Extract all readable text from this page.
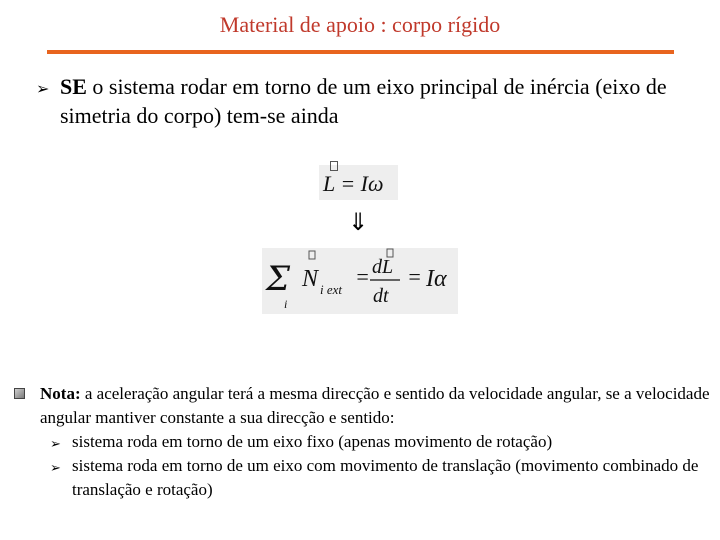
Material de apoio : corpo rígido
➢ SE o sistema rodar em torno de um eixo principal de inércia (eixo de simetria do corpo) tem-se ainda
L = Iω
⇓
Σ
i
N i ext
= dL
dt
= Iα
Nota: a aceleração angular terá a mesma direcção e sentido da velocidade angular, se a velocidade angular mantiver constante a sua direcção e sentido:
➢ sistema roda em torno de um eixo fixo (apenas movimento de rotação)
➢ sistema roda em torno de um eixo com movimento de translação (movimento combinado de translação e rotação)
